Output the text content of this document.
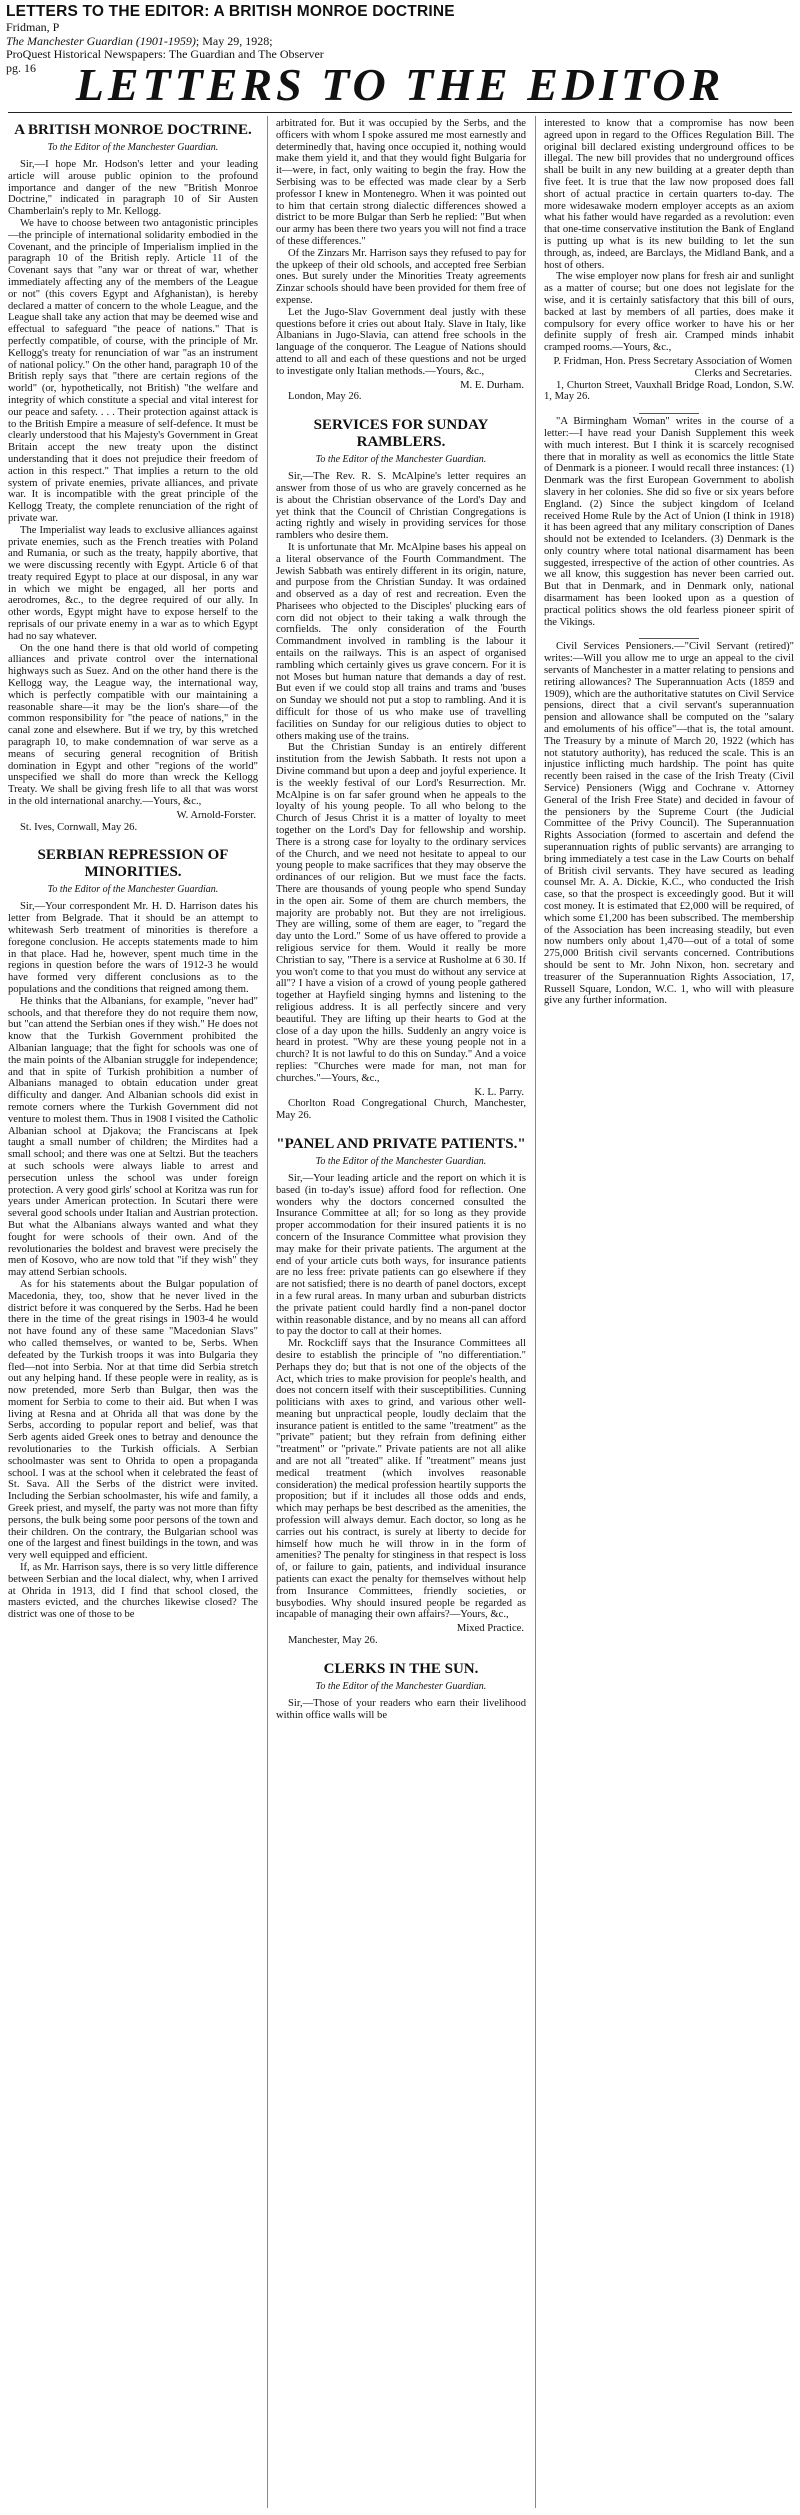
LETTERS TO THE EDITOR: A BRITISH MONROE DOCTRINE
Fridman, P
The Manchester Guardian (1901-1959); May 29, 1928;
ProQuest Historical Newspapers: The Guardian and The Observer
pg. 16 LETTERS TO THE EDITOR
A BRITISH MONROE DOCTRINE.
To the Editor of the Manchester Guardian.

Sir,—I hope Mr. Hodson's letter and your leading article will arouse public opinion to the profound importance and danger of the new "British Monroe Doctrine," indicated in paragraph 10 of Sir Austen Chamberlain's reply to Mr. Kellogg.

We have to choose between two antagonistic principles—the principle of international solidarity embodied in the Covenant, and the principle of Imperialism implied in the paragraph 10 of the British reply. Article 11 of the Covenant says that "any war or threat of war, whether immediately affecting any of the members of the League or not" (this covers Egypt and Afghanistan), is hereby declared a matter of concern to the whole League, and the League shall take any action that may be deemed wise and effectual to safeguard "the peace of nations." That is perfectly compatible, of course, with the principle of Mr. Kellogg's treaty for renunciation of war "as an instrument of national policy." On the other hand, paragraph 10 of the British reply says that "there are certain regions of the world" (or, hypothetically, not British) "the welfare and integrity of which constitute a special and vital interest for our peace and safety. . . . Their protection against attack is to the British Empire a measure of self-defence. It must be clearly understood that his Majesty's Government in Great Britain accept the new treaty upon the distinct understanding that it does not prejudice their freedom of action in this respect." That implies a return to the old system of private enemies, private alliances, and private war. It is incompatible with the great principle of the Kellogg Treaty, the complete renunciation of the right of private war.

The Imperialist way leads to exclusive alliances against private enemies, such as the French treaties with Poland and Rumania, or such as the treaty, happily abortive, that we were discussing recently with Egypt. Article 6 of that treaty required Egypt to place at our disposal, in any war in which we might be engaged, all her ports and aerodromes, &c., to the degree required of our ally. In other words, Egypt might have to expose herself to the reprisals of our private enemy in a war as to which Egypt had no say whatever.

On the one hand there is that old world of competing alliances and private control over the international highways such as Suez. And on the other hand there is the Kellogg way, the League way, the international way, which is perfectly compatible with our maintaining a reasonable share—it may be the lion's share—of the common responsibility for "the peace of nations," in the canal zone and elsewhere. But if we try, by this wretched paragraph 10, to make condemnation of war serve as a means of securing general recognition of British domination in Egypt and other "regions of the world" unspecified we shall do more than wreck the Kellogg Treaty. We shall be giving fresh life to all that was worst in the old international anarchy.—Yours, &c.,

W. Arnold-Forster.
St. Ives, Cornwall, May 26.
SERBIAN REPRESSION OF MINORITIES.
To the Editor of the Manchester Guardian.

Sir,—Your correspondent Mr. H. D. Harrison dates his letter from Belgrade. That it should be an attempt to whitewash Serb treatment of minorities is therefore a foregone conclusion. He accepts statements made to him in that place. Had he, however, spent much time in the regions in question before the wars of 1912-3 he would have formed very different conclusions as to the populations and the conditions that reigned among them.

He thinks that the Albanians, for example, "never had" schools, and that therefore they do not require them now, but "can attend the Serbian ones if they wish." He does not know that the Turkish Government prohibited the Albanian language; that the fight for schools was one of the main points of the Albanian struggle for independence; and that in spite of Turkish prohibition a number of Albanians managed to obtain education under great difficulty and danger. And Albanian schools did exist in remote corners where the Turkish Government did not venture to molest them. Thus in 1908 I visited the Catholic Albanian school at Djakova; the Franciscans at Ipek taught a small number of children; the Mirdites had a small school; and there was one at Seltzi. But the teachers at such schools were always liable to arrest and persecution unless the school was under foreign protection. A very good girls' school at Koritza was run for years under American protection. In Scutari there were several good schools under Italian and Austrian protection. But what the Albanians always wanted and what they fought for were schools of their own. And of the revolutionaries the boldest and bravest were precisely the men of Kosovo, who are now told that "if they wish" they may attend Serbian schools.

As for his statements about the Bulgar population of Macedonia, they, too, show that he never lived in the district before it was conquered by the Serbs. Had he been there in the time of the great risings in 1903-4 he would not have found any of these same "Macedonian Slavs" who called themselves, or wanted to be, Serbs. When defeated by the Turkish troops it was into Bulgaria they fled—not into Serbia. Nor at that time did Serbia stretch out any helping hand. If these people were in reality, as is now pretended, more Serb than Bulgar, then was the moment for Serbia to come to their aid. But when I was living at Resna and at Ohrida all that was done by the Serbs, according to popular report and belief, was that Serb agents aided Greek ones to betray and denounce the revolutionaries to the Turkish officials. A Serbian schoolmaster was sent to Ohrida to open a propaganda school. I was at the school when it celebrated the feast of St. Sava. All the Serbs of the district were invited. Including the Serbian schoolmaster, his wife and family, a Greek priest, and myself, the party was not more than fifty persons, the bulk being some poor persons of the town and their children. On the contrary, the Bulgarian school was one of the largest and finest buildings in the town, and was very well equipped and efficient.

If, as Mr. Harrison says, there is so very little difference between Serbian and the local dialect, why, when I arrived at Ohrida in 1913, did I find that school closed, the masters evicted, and the churches likewise closed? The district was one of those to be

arbitrated for. But it was occupied by the Serbs, and the officers with whom I spoke assured me most earnestly and determinedly that, having once occupied it, nothing would make them yield it, and that they would fight Bulgaria for it—were, in fact, only waiting to begin the fray. How the Serbising was to be effected was made clear by a Serb professor I knew in Montenegro. When it was pointed out to him that certain strong dialectic differences showed a district to be more Bulgar than Serb he replied: "But when our army has been there two years you will not find a trace of these differences."

Of the Zinzars Mr. Harrison says they refused to pay for the upkeep of their old schools, and accepted free Serbian ones. But surely under the Minorities Treaty agreements Zinzar schools should have been provided for them free of expense.

Let the Jugo-Slav Government deal justly with these questions before it cries out about Italy. Slave in Italy, like Albanians in Jugo-Slavia, can attend free schools in the language of the conqueror. The League of Nations should attend to all and each of these questions and not be urged to investigate only Italian methods.—Yours, &c.,

M. E. Durham.
London, May 26.
SERVICES FOR SUNDAY RAMBLERS.
To the Editor of the Manchester Guardian.

Sir,—The Rev. R. S. McAlpine's letter requires an answer from those of us who are gravely concerned as he is about the Christian observance of the Lord's Day and yet think that the Council of Christian Congregations is acting rightly and wisely in providing services for those ramblers who desire them.

It is unfortunate that Mr. McAlpine bases his appeal on a literal observance of the Fourth Commandment. The Jewish Sabbath was entirely different in its origin, nature, and purpose from the Christian Sunday. It was ordained and observed as a day of rest and recreation. Even the Pharisees who objected to the Disciples' plucking ears of corn did not object to their taking a walk through the cornfields. The only consideration of the Fourth Commandment involved in rambling is the labour it entails on the railways. This is an aspect of organised rambling which certainly gives us grave concern. For it is not Moses but human nature that demands a day of rest. But even if we could stop all trains and trams and 'buses on Sunday we should not put a stop to rambling. And it is difficult for those of us who make use of travelling facilities on Sunday for our religious duties to object to others making use of the trains.

But the Christian Sunday is an entirely different institution from the Jewish Sabbath. It rests not upon a Divine command but upon a deep and joyful experience. It is the weekly festival of our Lord's Resurrection. Mr. McAlpine is on far safer ground when he appeals to the loyalty of his young people. To all who belong to the Church of Jesus Christ it is a matter of loyalty to meet together on the Lord's Day for fellowship and worship. There is a strong case for loyalty to the ordinary services of the Church, and we need not hesitate to appeal to our young people to make sacrifices that they may observe the ordinances of our religion. But we must face the facts. There are thousands of young people who spend Sunday in the open air. Some of them are church members, the majority are probably not. But they are not irreligious. They are willing, some of them are eager, to "regard the day unto the Lord." Some of us have offered to provide a religious service for them. Would it really be more Christian to say, "There is a service at Rusholme at 6 30. If you won't come to that you must do without any service at all"? I have a vision of a crowd of young people gathered together at Hayfield singing hymns and listening to the religious address. It is all perfectly sincere and very beautiful. They are lifting up their hearts to God at the close of a day upon the hills. Suddenly an angry voice is heard in protest. "Why are these young people not in a church? It is not lawful to do this on Sunday." And a voice replies: "Churches were made for man, not man for churches."—Yours, &c.,

K. L. Parry.
Chorlton Road Congregational Church, Manchester, May 26.
"PANEL AND PRIVATE PATIENTS."
To the Editor of the Manchester Guardian.

Sir,—Your leading article and the report on which it is based (in to-day's issue) afford food for reflection. One wonders why the doctors concerned consulted the Insurance Committee at all; for so long as they provide proper accommodation for their insured patients it is no concern of the Insurance Committee what provision they may make for their private patients. The argument at the end of your article cuts both ways, for insurance patients are no less free: private patients can go elsewhere if they are not satisfied; there is no dearth of panel doctors, except in a few rural areas. In many urban and suburban districts the private patient could hardly find a non-panel doctor within reasonable distance, and by no means all can afford to pay the doctor to call at their homes.

Mr. Rockcliff says that the Insurance Committees all desire to establish the principle of "no differentiation." Perhaps they do; but that is not one of the objects of the Act, which tries to make provision for people's health, and does not concern itself with their susceptibilities. Cunning politicians with axes to grind, and various other well-meaning but unpractical people, loudly declaim that the insurance patient is entitled to the same "treatment" as the "private" patient; but they refrain from defining either "treatment" or "private." Private patients are not all alike and are not all "treated" alike. If "treatment" means just medical treatment (which involves reasonable consideration) the medical profession heartily supports the proposition; but if it includes all those odds and ends, which may perhaps be best described as the amenities, the profession will always demur. Each doctor, so long as he carries out his contract, is surely at liberty to decide for himself how much he will throw in in the form of amenities? The penalty for stinginess in that respect is loss of, or failure to gain, patients, and individual insurance patients can exact the penalty for themselves without help from Insurance Committees, friendly societies, or busybodies. Why should insured people be regarded as incapable of managing their own affairs?—Yours, &c.,

Mixed Practice.
Manchester, May 26.
CLERKS IN THE SUN.
To the Editor of the Manchester Guardian.

Sir,—Those of your readers who earn their livelihood within office walls will be

interested to know that a compromise has now been agreed upon in regard to the Offices Regulation Bill. The original bill declared existing underground offices to be illegal. The new bill provides that no underground offices shall be built in any new building at a greater depth than five feet. It is true that the law now proposed does fall short of actual practice in certain quarters to-day. The more widesawake modern employer accepts as an axiom what his father would have regarded as a revolution: even that one-time conservative institution the Bank of England is putting up what is its new building to let the sun through, as, indeed, are Barclays, the Midland Bank, and a host of others.

The wise employer now plans for fresh air and sunlight as a matter of course; but one does not legislate for the wise, and it is certainly satisfactory that this bill of ours, backed at last by members of all parties, does make it compulsory for every office worker to have his or her definite supply of fresh air. Cramped minds inhabit cramped rooms.—Yours, &c.,

P. Fridman, Hon. Press Secretary Association of Women Clerks and Secretaries.
1, Churton Street, Vauxhall Bridge Road, London, S.W. 1, May 26.

"A Birmingham Woman" writes in the course of a letter:—I have read your Danish Supplement this week with much interest. But I think it is scarcely recognised there that in morality as well as economics the little State of Denmark is a pioneer. I would recall three instances: (1) Denmark was the first European Government to abolish slavery in her colonies. She did so five or six years before England. (2) Since the subject kingdom of Iceland received Home Rule by the Act of Union (I think in 1918) it has been agreed that any military conscription of Danes should not be extended to Icelanders. (3) Denmark is the only country where total national disarmament has been suggested, irrespective of the action of other countries. As we all know, this suggestion has never been carried out. But that in Denmark, and in Denmark only, national disarmament has been looked upon as a question of practical politics shows the old fearless pioneer spirit of the Vikings.

Civil Services Pensioners.—"Civil Servant (retired)" writes:—Will you allow me to urge an appeal to the civil servants of Manchester in a matter relating to pensions and retiring allowances? The Superannuation Acts (1859 and 1909), which are the authoritative statutes on Civil Service pensions, direct that a civil servant's superannuation pension and allowance shall be computed on the "salary and emoluments of his office"—that is, the total amount. The Treasury by a minute of March 20, 1922 (which has not statutory authority), has reduced the scale. This is an injustice inflicting much hardship. The point has quite recently been raised in the case of the Irish Treaty (Civil Service) Pensioners (Wigg and Cochrane v. Attorney General of the Irish Free State) and decided in favour of the pensioners by the Supreme Court (the Judicial Committee of the Privy Council). The Superannuation Rights Association (formed to ascertain and defend the superannuation rights of public servants) are arranging to bring immediately a test case in the Law Courts on behalf of British civil servants. They have secured as leading counsel Mr. A. A. Dickie, K.C., who conducted the Irish case, so that the prospect is exceedingly good. But it will cost money. It is estimated that £2,000 will be required, of which some £1,200 has been subscribed. The membership of the Association has been increasing steadily, but even now numbers only about 1,470—out of a total of some 275,000 British civil servants concerned. Contributions should be sent to Mr. John Nixon, hon. secretary and treasurer of the Superannuation Rights Association, 17, Russell Square, London, W.C. 1, who will with pleasure give any further information.
